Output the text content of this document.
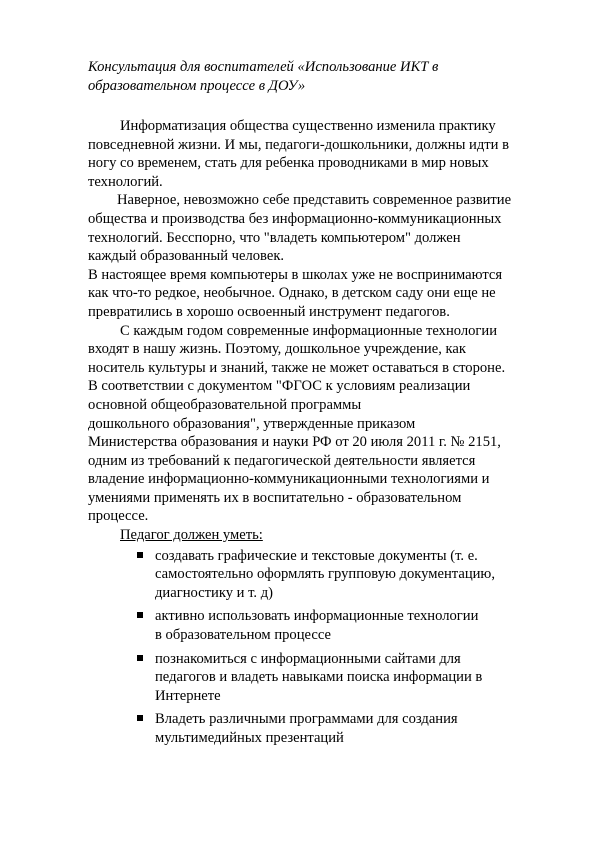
Консультация для воспитателей «Использование ИКТ в
образовательном процессе в ДОУ»
Информатизация общества существенно изменила практику
повседневной жизни. И мы, педагоги-дошкольники, должны идти в
ногу со временем, стать для ребенка проводниками в мир новых
технологий.
Наверное, невозможно себе представить современное развитие
общества и производства без информационно-коммуникационных
технологий. Бесспорно, что "владеть компьютером" должен
каждый образованный человек.
В настоящее время компьютеры в школах уже не воспринимаются
как что-то редкое, необычное. Однако, в детском саду они еще не
превратились в хорошо освоенный инструмент педагогов.
С каждым годом современные информационные технологии
входят в нашу жизнь. Поэтому, дошкольное учреждение, как
носитель культуры и знаний, также не может оставаться в стороне.
В соответствии с документом "ФГОС к условиям реализации
основной общеобразовательной программы
дошкольного образования", утвержденные приказом
Министерства образования и науки РФ от 20 июля 2011 г. № 2151,
одним из требований к педагогической деятельности является
владение информационно-коммуникационными технологиями и
умениями применять их в воспитательно - образовательном
процессе.
Педагог должен уметь:
создавать графические и текстовые документы (т. е.
самостоятельно оформлять групповую документацию,
диагностику и т. д)
активно использовать информационные технологии
в образовательном процессе
познакомиться с информационными сайтами для
педагогов и владеть навыками поиска информации в
Интернете
Владеть различными программами для создания
мультимедийных презентаций
